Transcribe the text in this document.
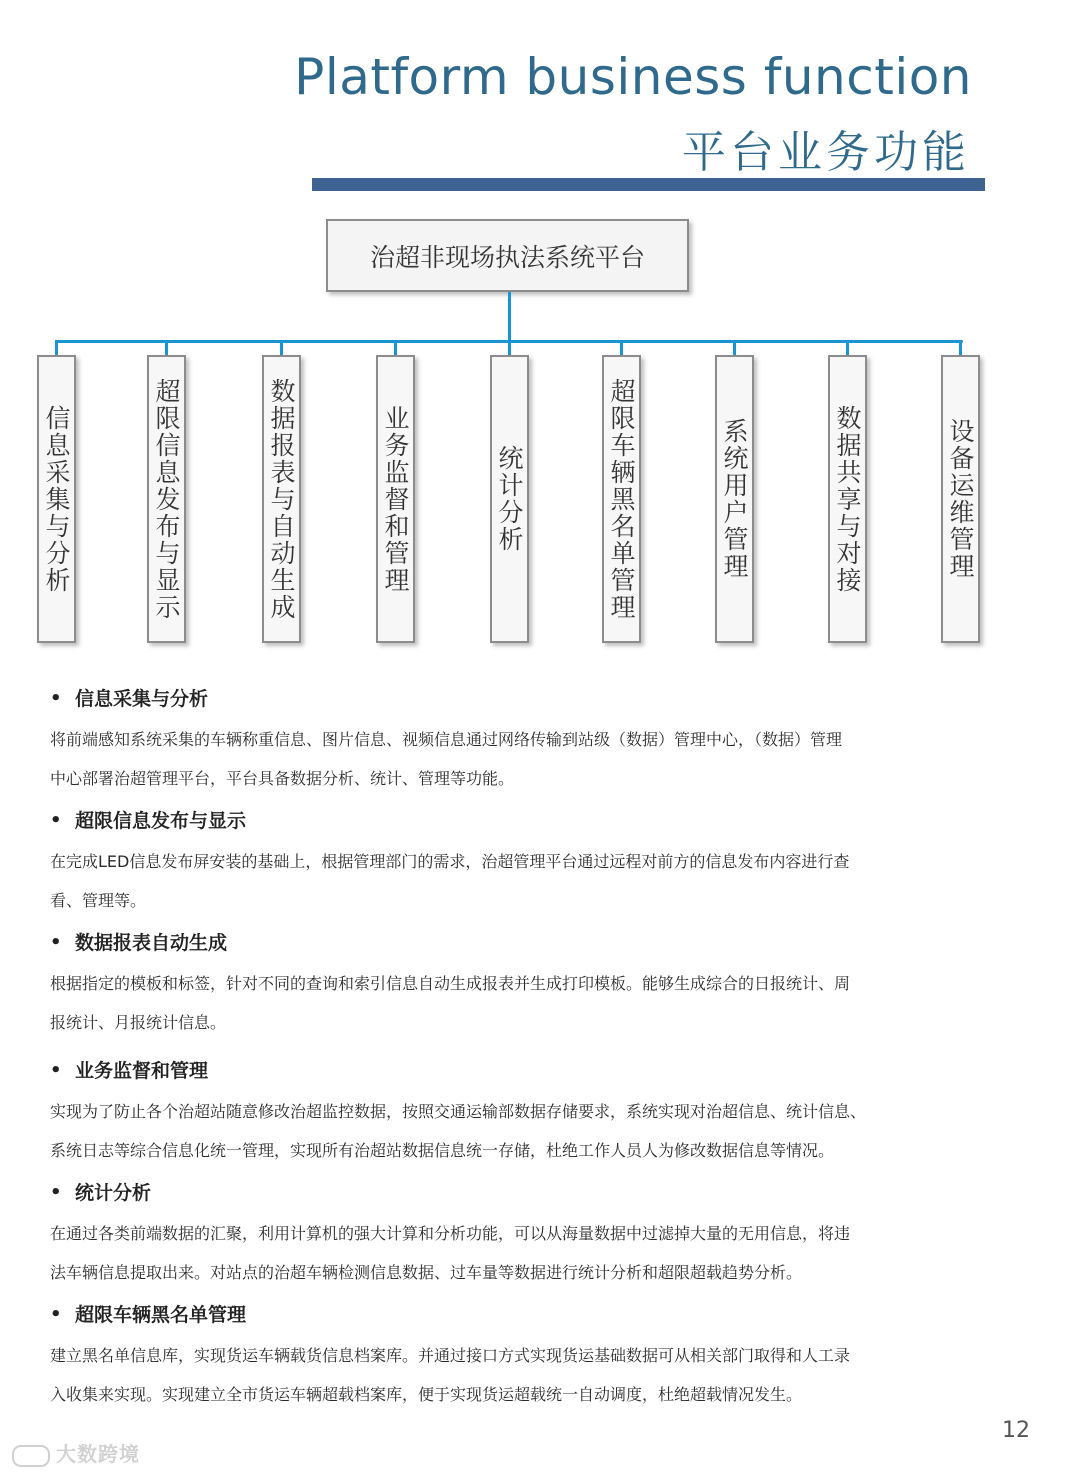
Platform business function
平台业务功能
治超非现场执法系统平台
信息采集与分析	超限信息发布与显示	数据报表与自动生成	业务监督和管理	统计分析	超限车辆黑名单管理	系统用户管理	数据共享与对接	设备运维管理
• 信息采集与分析

将前端感知系统采集的车辆称重信息、图片信息、视频信息通过网络传输到站级（数据）管理中心，（数据）管理

中心部署治超管理平台，平台具备数据分析、统计、管理等功能。

• 超限信息发布与显示

在完成LED信息发布屏安装的基础上，根据管理部门的需求，治超管理平台通过远程对前方的信息发布内容进行查

看、管理等。

• 数据报表自动生成

根据指定的模板和标签，针对不同的查询和索引信息自动生成报表并生成打印模板。能够生成综合的日报统计、周

报统计、月报统计信息。

• 业务监督和管理

实现为了防止各个治超站随意修改治超监控数据，按照交通运输部数据存储要求，系统实现对治超信息、统计信息、

系统日志等综合信息化统一管理，实现所有治超站数据信息统一存储，杜绝工作人员人为修改数据信息等情况。

• 统计分析

在通过各类前端数据的汇聚，利用计算机的强大计算和分析功能，可以从海量数据中过滤掉大量的无用信息，将违

法车辆信息提取出来。对站点的治超车辆检测信息数据、过车量等数据进行统计分析和超限超载趋势分析。

• 超限车辆黑名单管理

建立黑名单信息库，实现货运车辆载货信息档案库。并通过接口方式实现货运基础数据可从相关部门取得和人工录

入收集来实现。实现建立全市货运车辆超载档案库，便于实现货运超载统一自动调度，杜绝超载情况发生。

12
大数跨境
